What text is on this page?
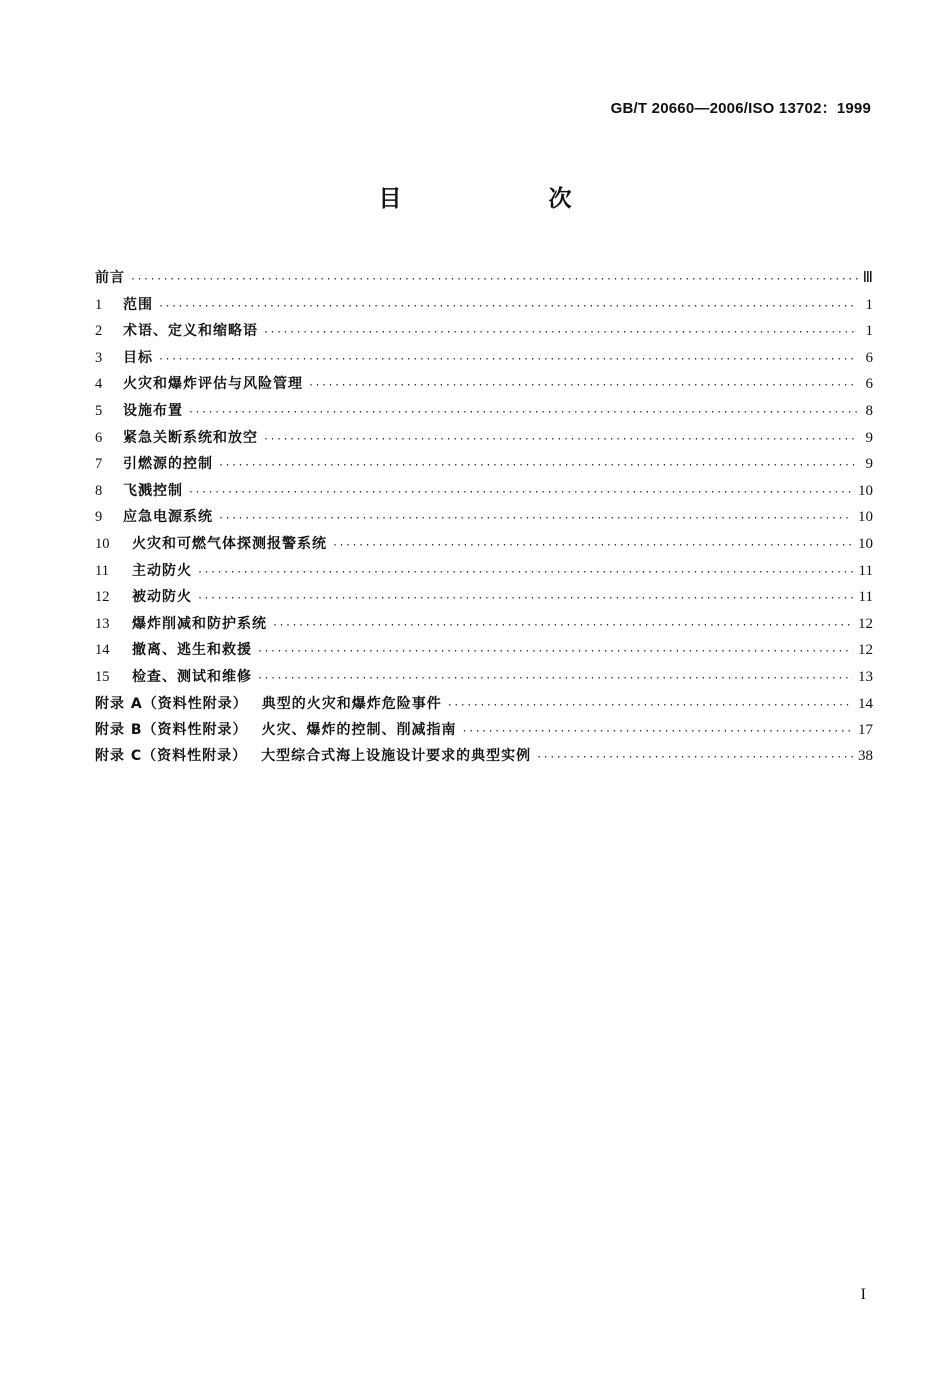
GB/T 20660—2006/ISO 13702：1999
目　次
前言 ·····	Ⅲ
1	范围 ·····	1
2	术语、定义和缩略语 ·····	1
3	目标 ·····	6
4	火灾和爆炸评估与风险管理 ·····	6
5	设施布置 ·····	8
6	紧急关断系统和放空 ·····	9
7	引燃源的控制 ·····	9
8	飞溅控制 ·····	10
9	应急电源系统 ·····	10
10	火灾和可燃气体探测报警系统 ·····	10
11	主动防火 ·····	11
12	被动防火 ·····	11
13	爆炸削减和防护系统 ·····	12
14	撤离、逃生和救援 ·····	12
15	检查、测试和维修 ·····	13
附录 A（资料性附录） 典型的火灾和爆炸危险事件 ·····	14
附录 B（资料性附录） 火灾、爆炸的控制、削减指南 ·····	17
附录 C（资料性附录） 大型综合式海上设施设计要求的典型实例 ·····	38
I
